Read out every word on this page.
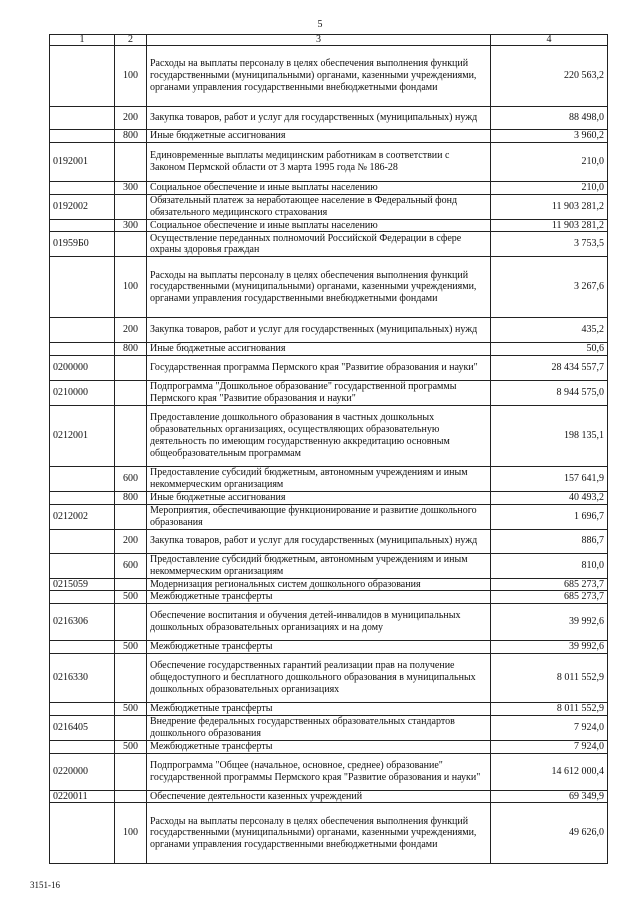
5
1	2	3	4
	100	Расходы на выплаты персоналу в целях обеспечения выполнения функций государственными (муниципальными) органами, казенными учреждениями, органами управления государственными внебюджетными фондами	220 563,2
	200	Закупка товаров, работ и услуг для государственных (муниципальных) нужд	88 498,0
	800	Иные бюджетные ассигнования	3 960,2
0192001		Единовременные выплаты медицинским работникам в соответствии с Законом Пермской области от 3 марта 1995 года № 186-28	210,0
	300	Социальное обеспечение и иные выплаты населению	210,0
0192002		Обязательный платеж за неработающее население в Федеральный фонд обязательного медицинского страхования	11 903 281,2
	300	Социальное обеспечение и иные выплаты населению	11 903 281,2
01959Б0		Осуществление переданных полномочий Российской Федерации в сфере охраны здоровья граждан	3 753,5
	100	Расходы на выплаты персоналу в целях обеспечения выполнения функций государственными (муниципальными) органами, казенными учреждениями, органами управления государственными внебюджетными фондами	3 267,6
	200	Закупка товаров, работ и услуг для государственных (муниципальных) нужд	435,2
	800	Иные бюджетные ассигнования	50,6
0200000		Государственная программа Пермского края "Развитие образования и науки"	28 434 557,7
0210000		Подпрограмма "Дошкольное образование" государственной программы Пермского края "Развитие образования и науки"	8 944 575,0
0212001		Предоставление дошкольного образования в частных дошкольных образовательных организациях, осуществляющих образовательную деятельность по имеющим государственную аккредитацию основным общеобразовательным программам	198 135,1
	600	Предоставление субсидий бюджетным, автономным учреждениям и иным некоммерческим организациям	157 641,9
	800	Иные бюджетные ассигнования	40 493,2
0212002		Мероприятия, обеспечивающие функционирование и развитие дошкольного образования	1 696,7
	200	Закупка товаров, работ и услуг для государственных (муниципальных) нужд	886,7
	600	Предоставление субсидий бюджетным, автономным учреждениям и иным некоммерческим организациям	810,0
0215059		Модернизация региональных систем дошкольного образования	685 273,7
	500	Межбюджетные трансферты	685 273,7
0216306		Обеспечение воспитания и обучения детей-инвалидов в муниципальных дошкольных образовательных организациях и на дому	39 992,6
	500	Межбюджетные трансферты	39 992,6
0216330		Обеспечение государственных гарантий реализации прав на получение общедоступного и бесплатного дошкольного образования в муниципальных дошкольных образовательных организациях	8 011 552,9
	500	Межбюджетные трансферты	8 011 552,9
0216405		Внедрение федеральных государственных образовательных стандартов дошкольного образования	7 924,0
	500	Межбюджетные трансферты	7 924,0
0220000		Подпрограмма "Общее (начальное, основное, среднее) образование" государственной программы Пермского края "Развитие образования и науки"	14 612 000,4
0220011		Обеспечение деятельности казенных учреждений	69 349,9
	100	Расходы на выплаты персоналу в целях обеспечения выполнения функций государственными (муниципальными) органами, казенными учреждениями, органами управления государственными внебюджетными фондами	49 626,0
3151-16
